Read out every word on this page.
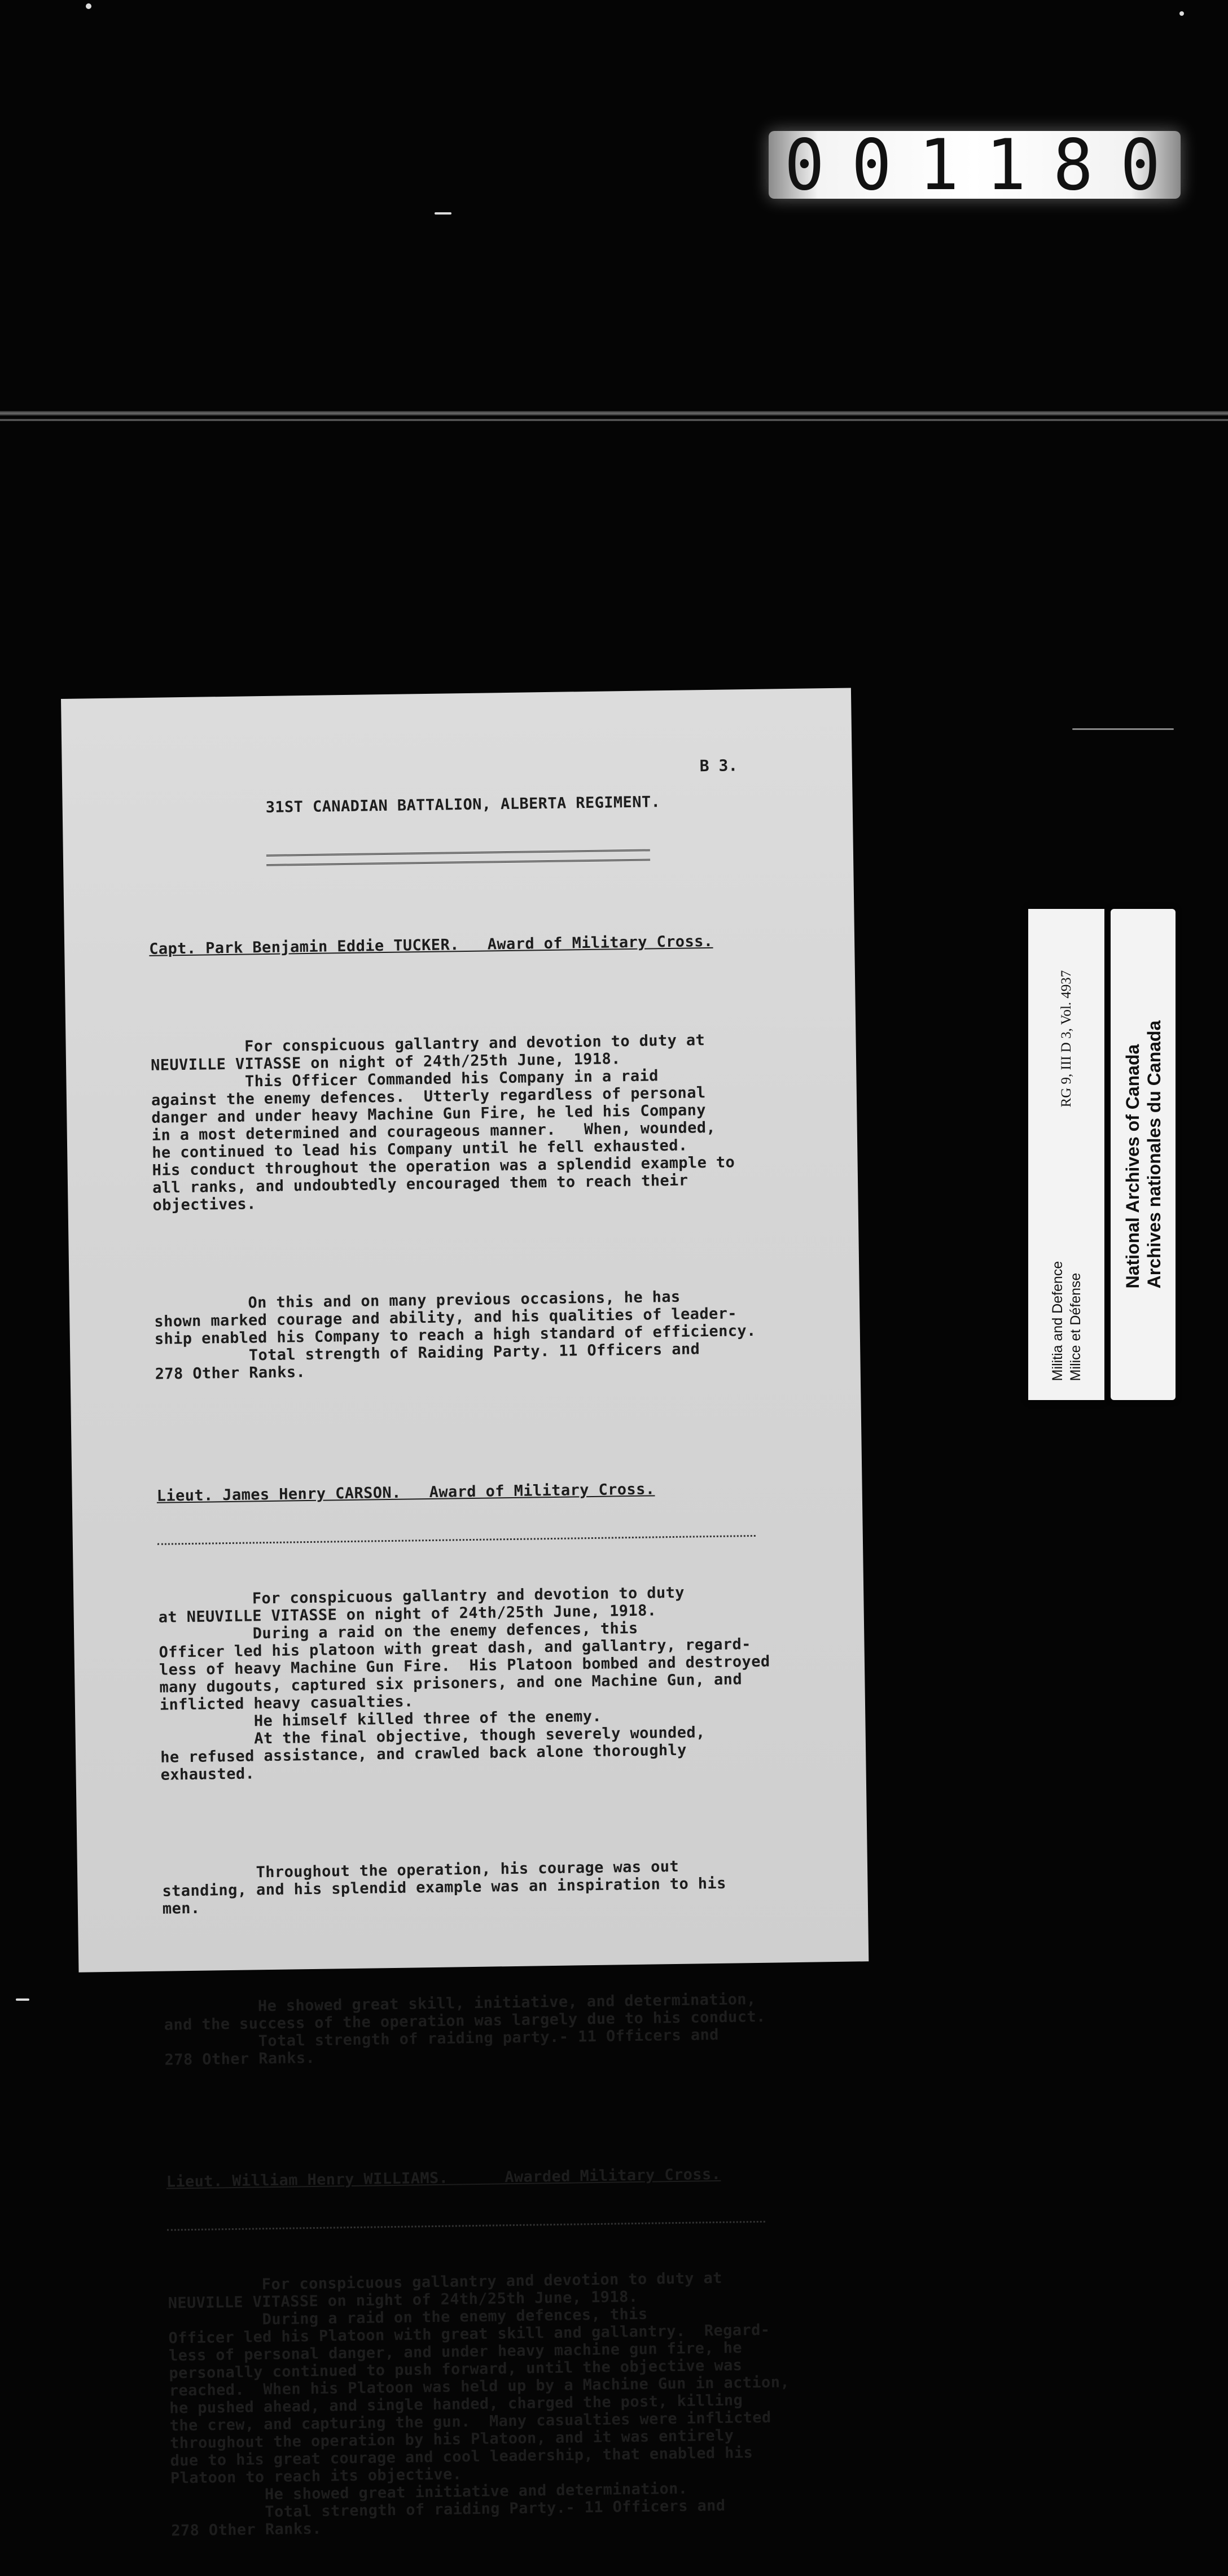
001180
B 3.

31ST CANADIAN BATTALION, ALBERTA REGIMENT.

Capt. Park Benjamin Eddie TUCKER.   Award of Military Cross.

For conspicuous gallantry and devotion to duty at
NEUVILLE VITASSE on night of 24th/25th June, 1918.
This Officer Commanded his Company in a raid
against the enemy defences.  Utterly regardless of personal
danger and under heavy Machine Gun Fire, he led his Company
in a most determined and courageous manner.   When, wounded,
he continued to lead his Company until he fell exhausted.
His conduct throughout the operation was a splendid example to
all ranks, and undoubtedly encouraged them to reach their
objectives.

On this and on many previous occasions, he has
shown marked courage and ability, and his qualities of leader-
ship enabled his Company to reach a high standard of efficiency.
Total strength of Raiding Party. 11 Officers and
278 Other Ranks.

Lieut. James Henry CARSON.   Award of Military Cross.

For conspicuous gallantry and devotion to duty
at NEUVILLE VITASSE on night of 24th/25th June, 1918.
During a raid on the enemy defences, this
Officer led his platoon with great dash, and gallantry, regard-
less of heavy Machine Gun Fire.  His Platoon bombed and destroyed
many dugouts, captured six prisoners, and one Machine Gun, and
inflicted heavy casualties.
He himself killed three of the enemy.
At the final objective, though severely wounded,
he refused assistance, and crawled back alone thoroughly
exhausted.

Throughout the operation, his courage was out
standing, and his splendid example was an inspiration to his
men.

He showed great skill, initiative, and determination,
and the success of the operation was largely due to his conduct.
Total strength of raiding party.- 11 Officers and
278 Other Ranks.

Lieut. William Henry WILLIAMS.      Awarded Military Cross.

For conspicuous gallantry and devotion to duty at
NEUVILLE VITASSE on night of 24th/25th June, 1918.
During a raid on the enemy defences, this
Officer led his Platoon with great skill and gallantry.  Regard-
less of personal danger, and under heavy machine gun fire, he
personally continued to push forward, until the objective was
reached.  When his Platoon was held up by a Machine Gun in action,
he pushed ahead, and single handed, charged the post, killing
the crew, and capturing the gun.  Many casualties were inflicted
throughout the operation by his Platoon, and it was entirely
due to his great courage and cool leadership, that enabled his
Platoon to reach its objective.
He showed great initiative and determination.
Total strength of raiding Party.- 11 Officers and
278 Other Ranks.

RG 9, III D 3, Vol. 4937
Militia and Defence Milice et Défense
National Archives of Canada Archives nationales du Canada
